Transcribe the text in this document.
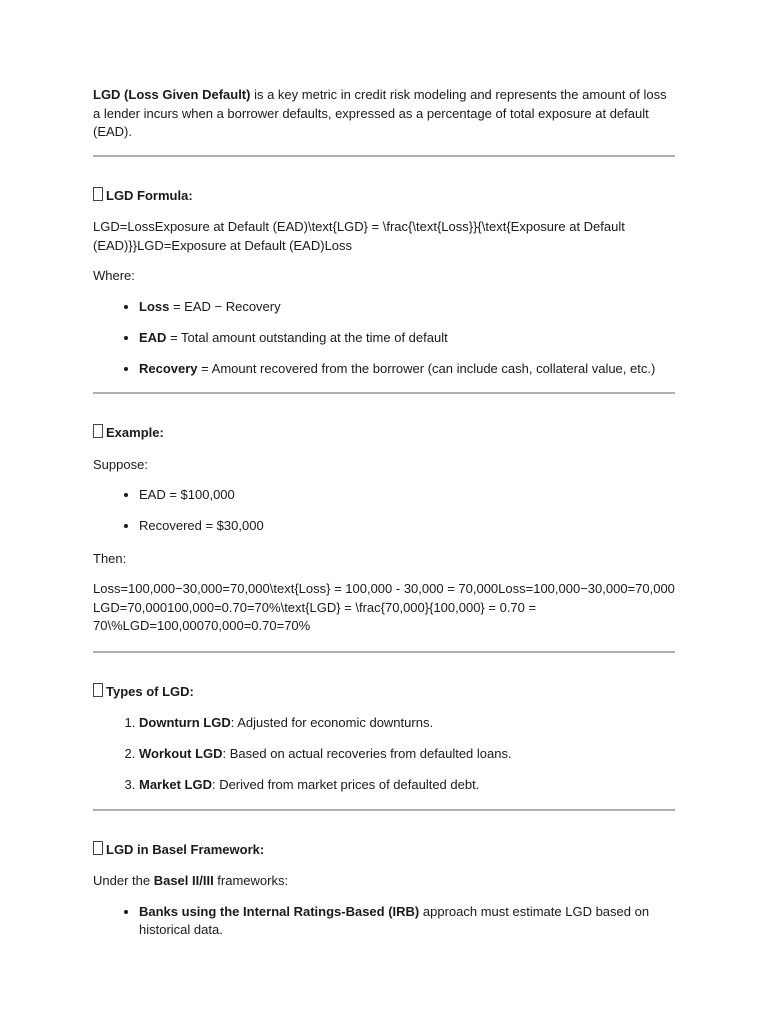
LGD (Loss Given Default) is a key metric in credit risk modeling and represents the amount of loss a lender incurs when a borrower defaults, expressed as a percentage of total exposure at default (EAD).

LGD Formula:

LGD=LossExposure at Default (EAD)\text{LGD} = \frac{\text{Loss}}{\text{Exposure at Default (EAD)}}LGD=Exposure at Default (EAD)Loss

Where:

• Loss = EAD − Recovery
• EAD = Total amount outstanding at the time of default
• Recovery = Amount recovered from the borrower (can include cash, collateral value, etc.)

Example:

Suppose:

• EAD = $100,000
• Recovered = $30,000

Then:

Loss=100,000−30,000=70,000\text{Loss} = 100,000 - 30,000 = 70,000Loss=100,000−30,000=70,000

LGD=70,000100,000=0.70=70%\text{LGD} = \frac{70,000}{100,000} = 0.70 = 70\%LGD=100,00070,000=0.70=70%

Types of LGD:

1. Downturn LGD: Adjusted for economic downturns.
2. Workout LGD: Based on actual recoveries from defaulted loans.
3. Market LGD: Derived from market prices of defaulted debt.

LGD in Basel Framework:

Under the Basel II/III frameworks:

• Banks using the Internal Ratings-Based (IRB) approach must estimate LGD based on historical data.
